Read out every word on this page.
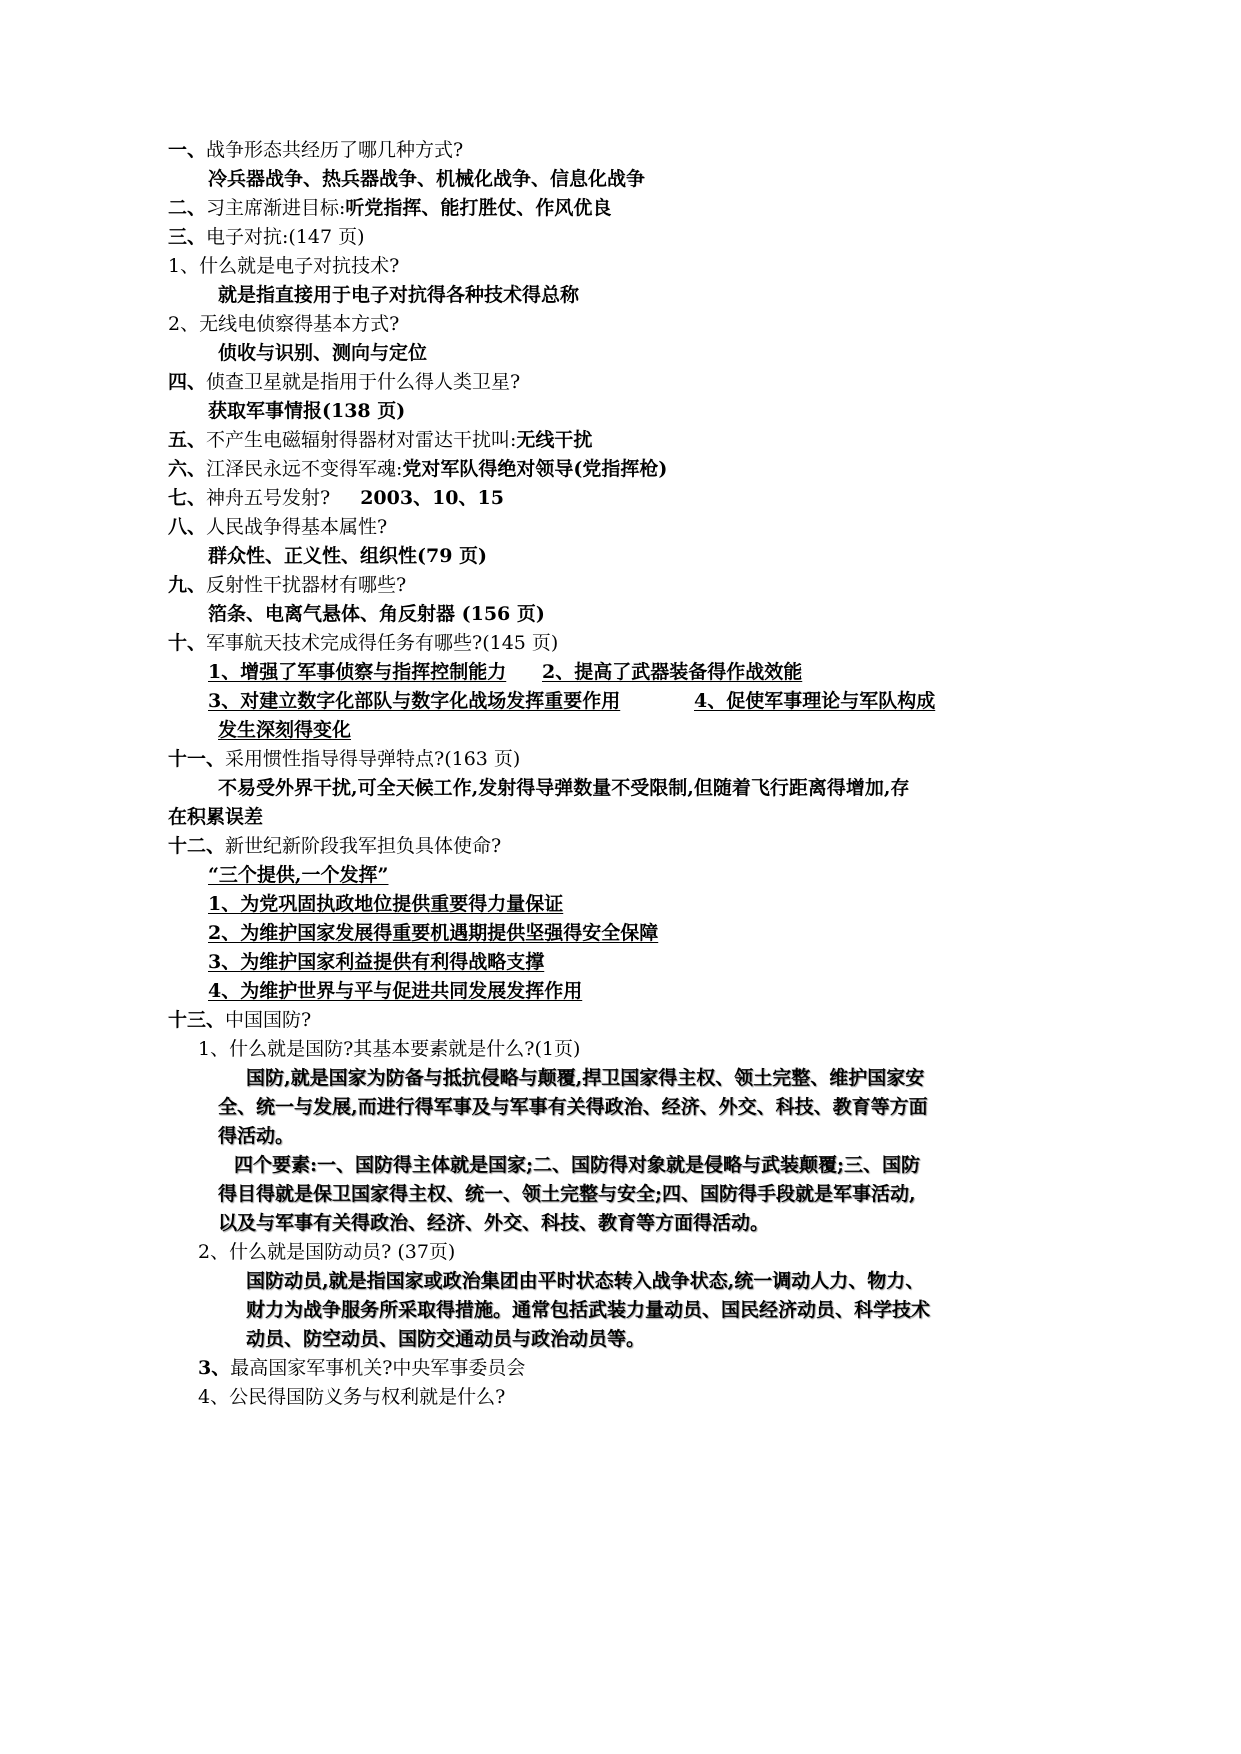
一、战争形态共经历了哪几种方式?
冷兵器战争、热兵器战争、机械化战争、信息化战争
二、习主席渐进目标:听党指挥、能打胜仗、作风优良
三、电子对抗:(147 页)
1、什么就是电子对抗技术?
就是指直接用于电子对抗得各种技术得总称
2、无线电侦察得基本方式?
侦收与识别、测向与定位
四、侦查卫星就是指用于什么得人类卫星?
获取军事情报(138 页)
五、不产生电磁辐射得器材对雷达干扰叫:无线干扰
六、江泽民永远不变得军魂:党对军队得绝对领导(党指挥枪)
七、神舟五号发射? 2003、10、15
八、人民战争得基本属性?
群众性、正义性、组织性(79 页)
九、反射性干扰器材有哪些?
箔条、电离气悬体、角反射器 (156 页)
十、军事航天技术完成得任务有哪些?(145 页)
1、增强了军事侦察与指挥控制能力 2、提高了武器装备得作战效能
3、对建立数字化部队与数字化战场发挥重要作用	4、促使军事理论与军队构成
发生深刻得变化
十一、采用惯性指导得导弹特点?(163 页)
不易受外界干扰,可全天候工作,发射得导弹数量不受限制,但随着飞行距离得增加,存
在积累误差
十二、新世纪新阶段我军担负具体使命?
“三个提供,一个发挥”
1、为党巩固执政地位提供重要得力量保证
2、为维护国家发展得重要机遇期提供坚强得安全保障
3、为维护国家利益提供有利得战略支撑
4、为维护世界与平与促进共同发展发挥作用
十三、中国国防?
1、什么就是国防?其基本要素就是什么?(1页)
国防,就是国家为防备与抵抗侵略与颠覆,捍卫国家得主权、领土完整、维护国家安
全、统一与发展,而进行得军事及与军事有关得政治、经济、外交、科技、教育等方面
得活动。
四个要素:一、国防得主体就是国家;二、国防得对象就是侵略与武装颠覆;三、国防
得目得就是保卫国家得主权、统一、领土完整与安全;四、国防得手段就是军事活动,
以及与军事有关得政治、经济、外交、科技、教育等方面得活动。
2、什么就是国防动员? (37页)
国防动员,就是指国家或政治集团由平时状态转入战争状态,统一调动人力、物力、
财力为战争服务所采取得措施。通常包括武装力量动员、国民经济动员、科学技术
动员、防空动员、国防交通动员与政治动员等。
3、最高国家军事机关?中央军事委员会
4、公民得国防义务与权利就是什么?
